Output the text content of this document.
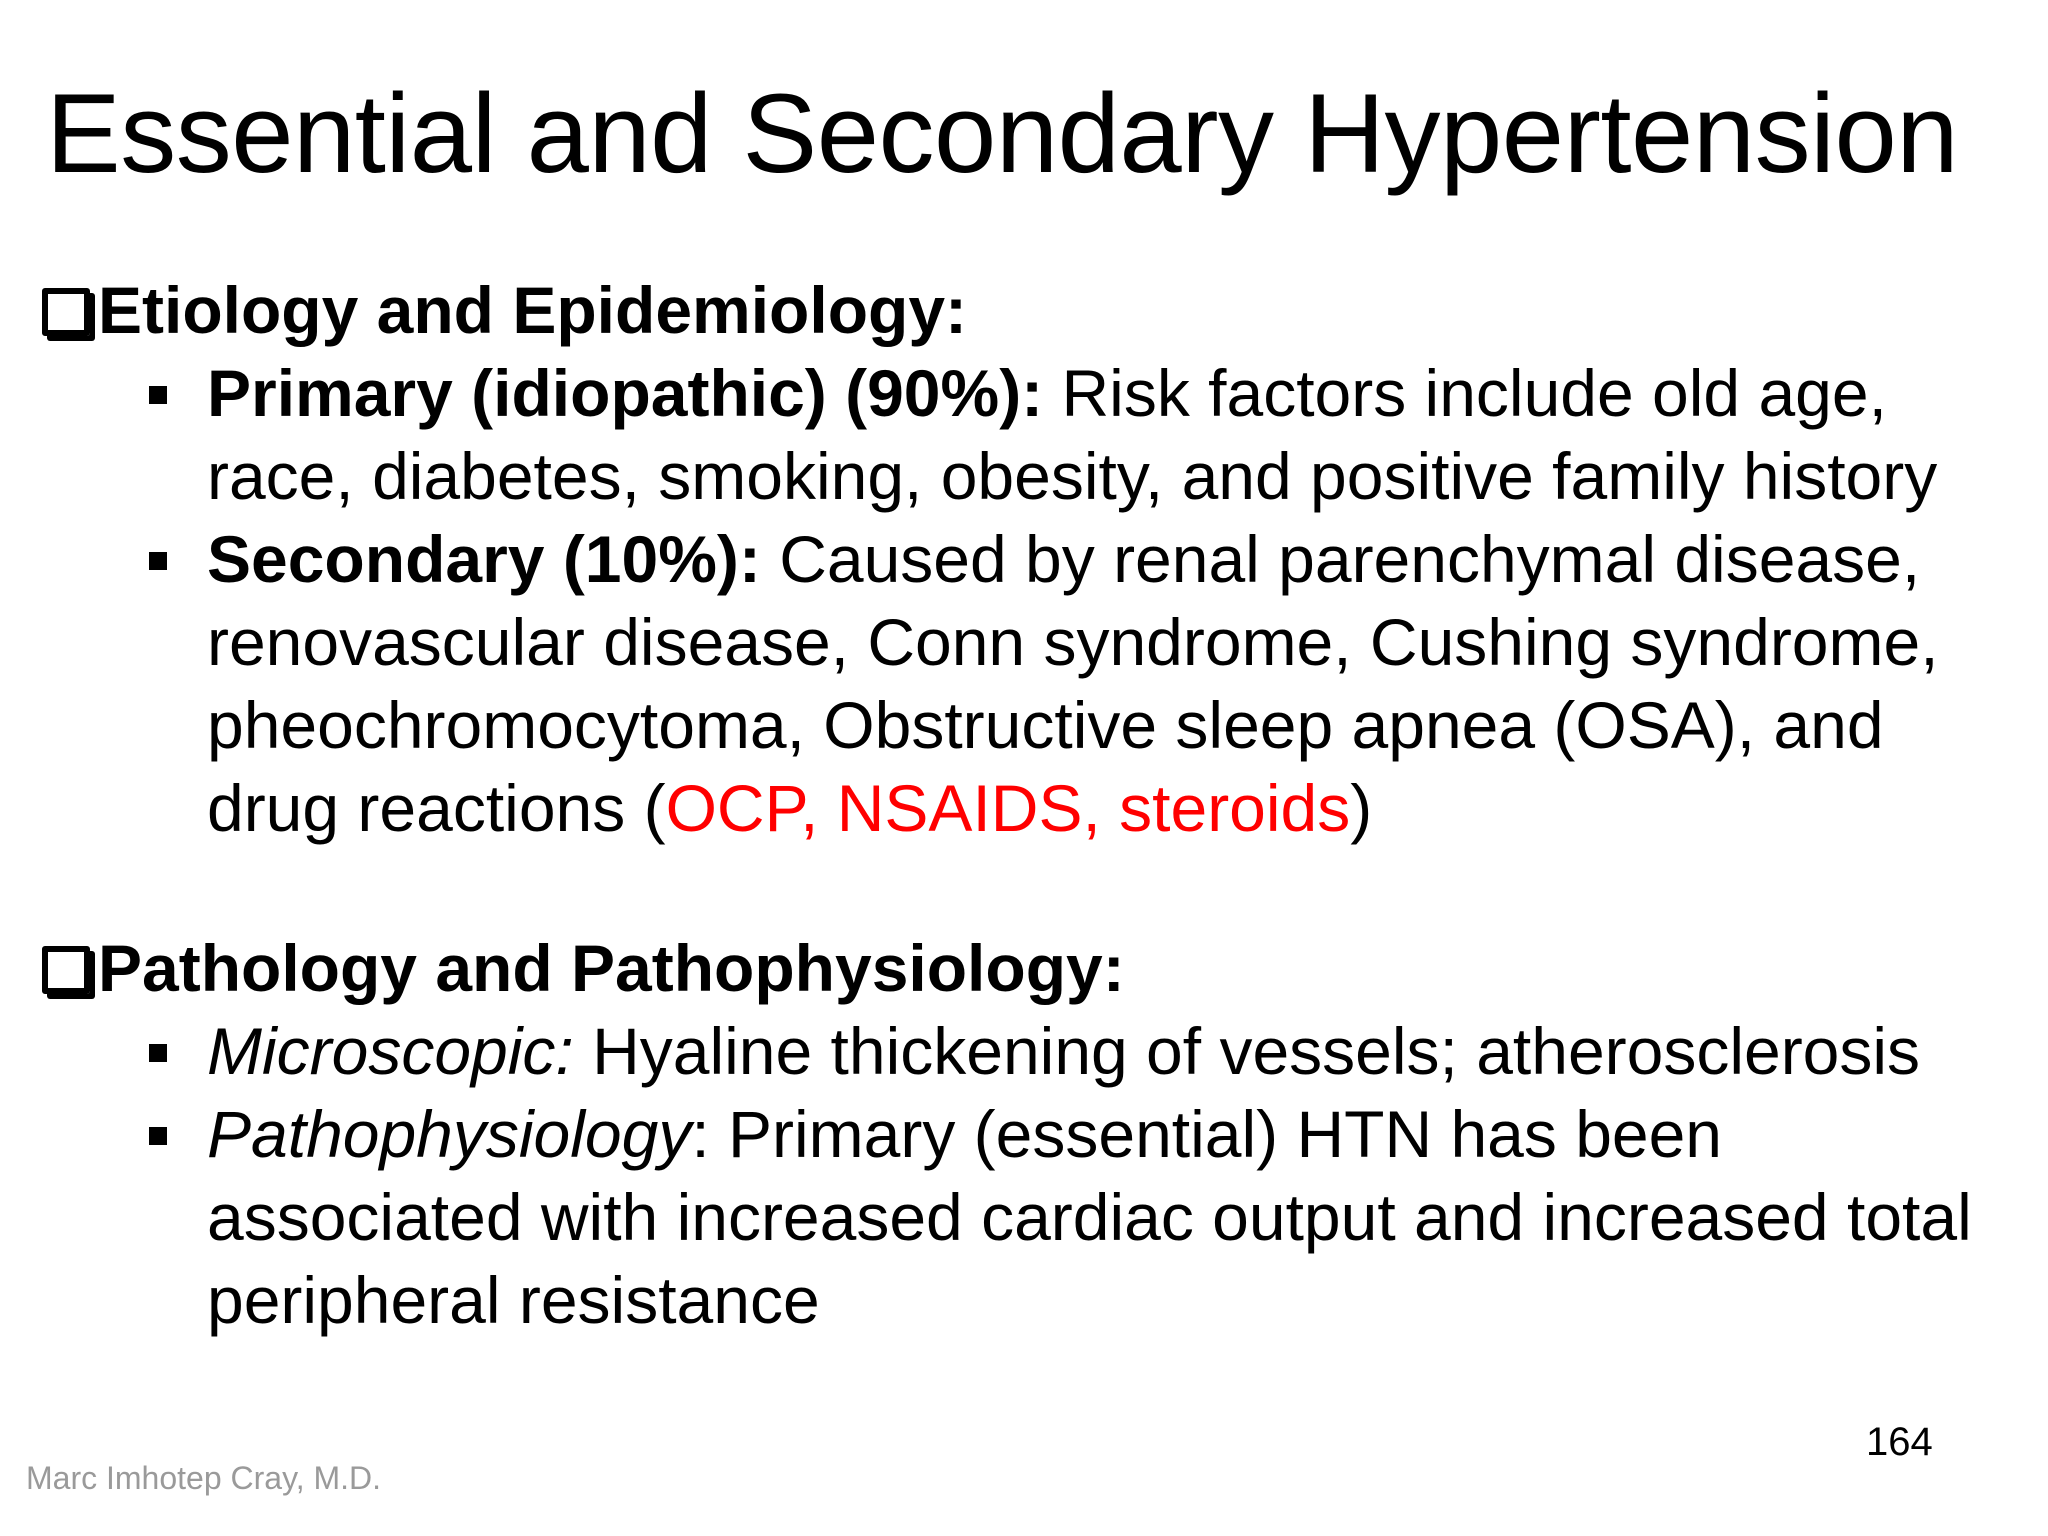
Essential and Secondary Hypertension
Etiology and Epidemiology:
Primary (idiopathic) (90%): Risk factors include old age, race, diabetes, smoking, obesity, and positive family history
Secondary (10%): Caused by renal parenchymal disease, renovascular disease, Conn syndrome, Cushing syndrome, pheochromocytoma, Obstructive sleep apnea (OSA), and drug reactions (OCP, NSAIDS, steroids)
Pathology and Pathophysiology:
Microscopic: Hyaline thickening of vessels; atherosclerosis
Pathophysiology: Primary (essential) HTN has been associated with increased cardiac output and increased total peripheral resistance
164
Marc Imhotep Cray, M.D.
